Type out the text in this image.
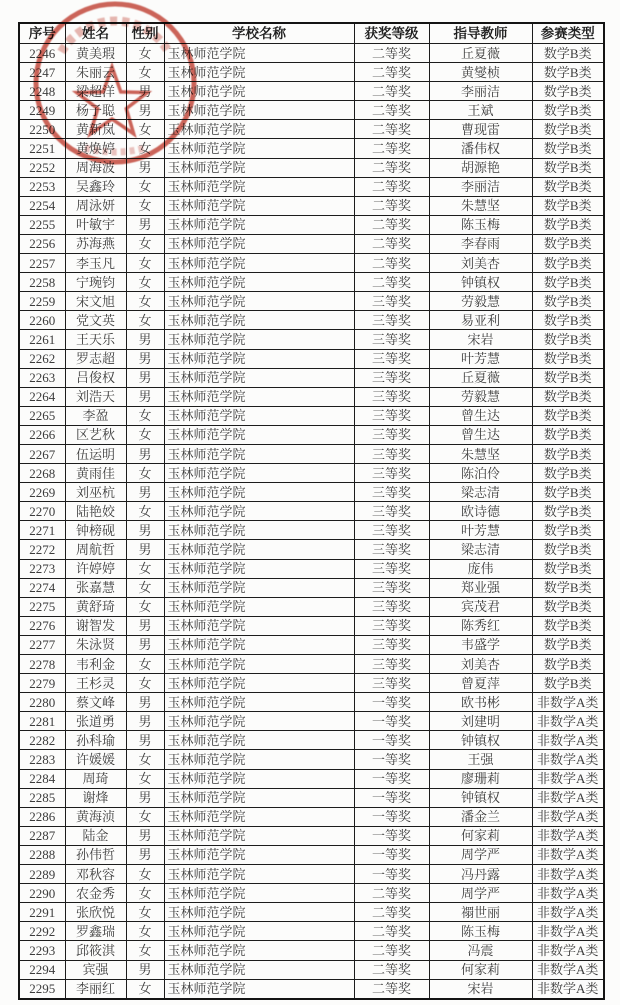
序号	姓名	性别	学校名称	获奖等级	指导教师	参赛类型
2246	黄美瑕	女	玉林师范学院	二等奖	丘夏薇	数学B类
2247	朱丽云	女	玉林师范学院	二等奖	黄燮桢	数学B类
2248	梁超洋	男	玉林师范学院	二等奖	李丽洁	数学B类
2249	杨子聪	男	玉林师范学院	二等奖	王斌	数学B类
2250	黄新岚	女	玉林师范学院	二等奖	曹现雷	数学B类
2251	黄焕婷	女	玉林师范学院	二等奖	潘伟权	数学B类
2252	周海波	男	玉林师范学院	二等奖	胡源艳	数学B类
2253	吴鑫玲	女	玉林师范学院	二等奖	李丽洁	数学B类
2254	周泳妍	女	玉林师范学院	二等奖	朱慧坚	数学B类
2255	叶敏宇	男	玉林师范学院	二等奖	陈玉梅	数学B类
2256	苏海燕	女	玉林师范学院	二等奖	李春雨	数学B类
2257	李玉凡	女	玉林师范学院	二等奖	刘美杏	数学B类
2258	宁琬钧	女	玉林师范学院	二等奖	钟镇权	数学B类
2259	宋文旭	女	玉林师范学院	三等奖	劳毅慧	数学B类
2260	党文英	女	玉林师范学院	三等奖	易亚利	数学B类
2261	王天乐	男	玉林师范学院	三等奖	宋岩	数学B类
2262	罗志超	男	玉林师范学院	三等奖	叶芳慧	数学B类
2263	吕俊权	男	玉林师范学院	三等奖	丘夏薇	数学B类
2264	刘浩天	男	玉林师范学院	三等奖	劳毅慧	数学B类
2265	李盈	女	玉林师范学院	三等奖	曾生达	数学B类
2266	区艺秋	女	玉林师范学院	三等奖	曾生达	数学B类
2267	伍运明	男	玉林师范学院	三等奖	朱慧坚	数学B类
2268	黄雨佳	女	玉林师范学院	三等奖	陈泊伶	数学B类
2269	刘巫杭	男	玉林师范学院	三等奖	梁志清	数学B类
2270	陆艳姣	女	玉林师范学院	三等奖	欧诗德	数学B类
2271	钟榜砚	男	玉林师范学院	三等奖	叶芳慧	数学B类
2272	周航哲	男	玉林师范学院	三等奖	梁志清	数学B类
2273	许婷婷	女	玉林师范学院	三等奖	庞伟	数学B类
2274	张嘉慧	女	玉林师范学院	三等奖	郑业强	数学B类
2275	黄舒琦	女	玉林师范学院	三等奖	宾茂君	数学B类
2276	谢智发	男	玉林师范学院	三等奖	陈秀红	数学B类
2277	朱泳贤	男	玉林师范学院	三等奖	韦盛学	数学B类
2278	韦利金	女	玉林师范学院	三等奖	刘美杏	数学B类
2279	王杉灵	女	玉林师范学院	三等奖	曾夏萍	数学B类
2280	蔡文峰	男	玉林师范学院	一等奖	欧书彬	非数学A类
2281	张道勇	男	玉林师范学院	一等奖	刘建明	非数学A类
2282	孙科瑜	男	玉林师范学院	一等奖	钟镇权	非数学A类
2283	许媛媛	女	玉林师范学院	一等奖	王强	非数学A类
2284	周琦	女	玉林师范学院	一等奖	廖珊莉	非数学A类
2285	谢烽	男	玉林师范学院	一等奖	钟镇权	非数学A类
2286	黄海浈	女	玉林师范学院	一等奖	潘金兰	非数学A类
2287	陆金	男	玉林师范学院	一等奖	何家莉	非数学A类
2288	孙伟哲	男	玉林师范学院	一等奖	周学严	非数学A类
2289	邓秋容	女	玉林师范学院	一等奖	冯丹露	非数学A类
2290	农金秀	女	玉林师范学院	二等奖	周学严	非数学A类
2291	张欣悦	女	玉林师范学院	二等奖	禤世丽	非数学A类
2292	罗鑫瑞	女	玉林师范学院	二等奖	陈玉梅	非数学A类
2293	邱筱淇	女	玉林师范学院	二等奖	冯震	非数学A类
2294	宾强	男	玉林师范学院	二等奖	何家莉	非数学A类
2295	李丽红	女	玉林师范学院	二等奖	宋岩	非数学A类
